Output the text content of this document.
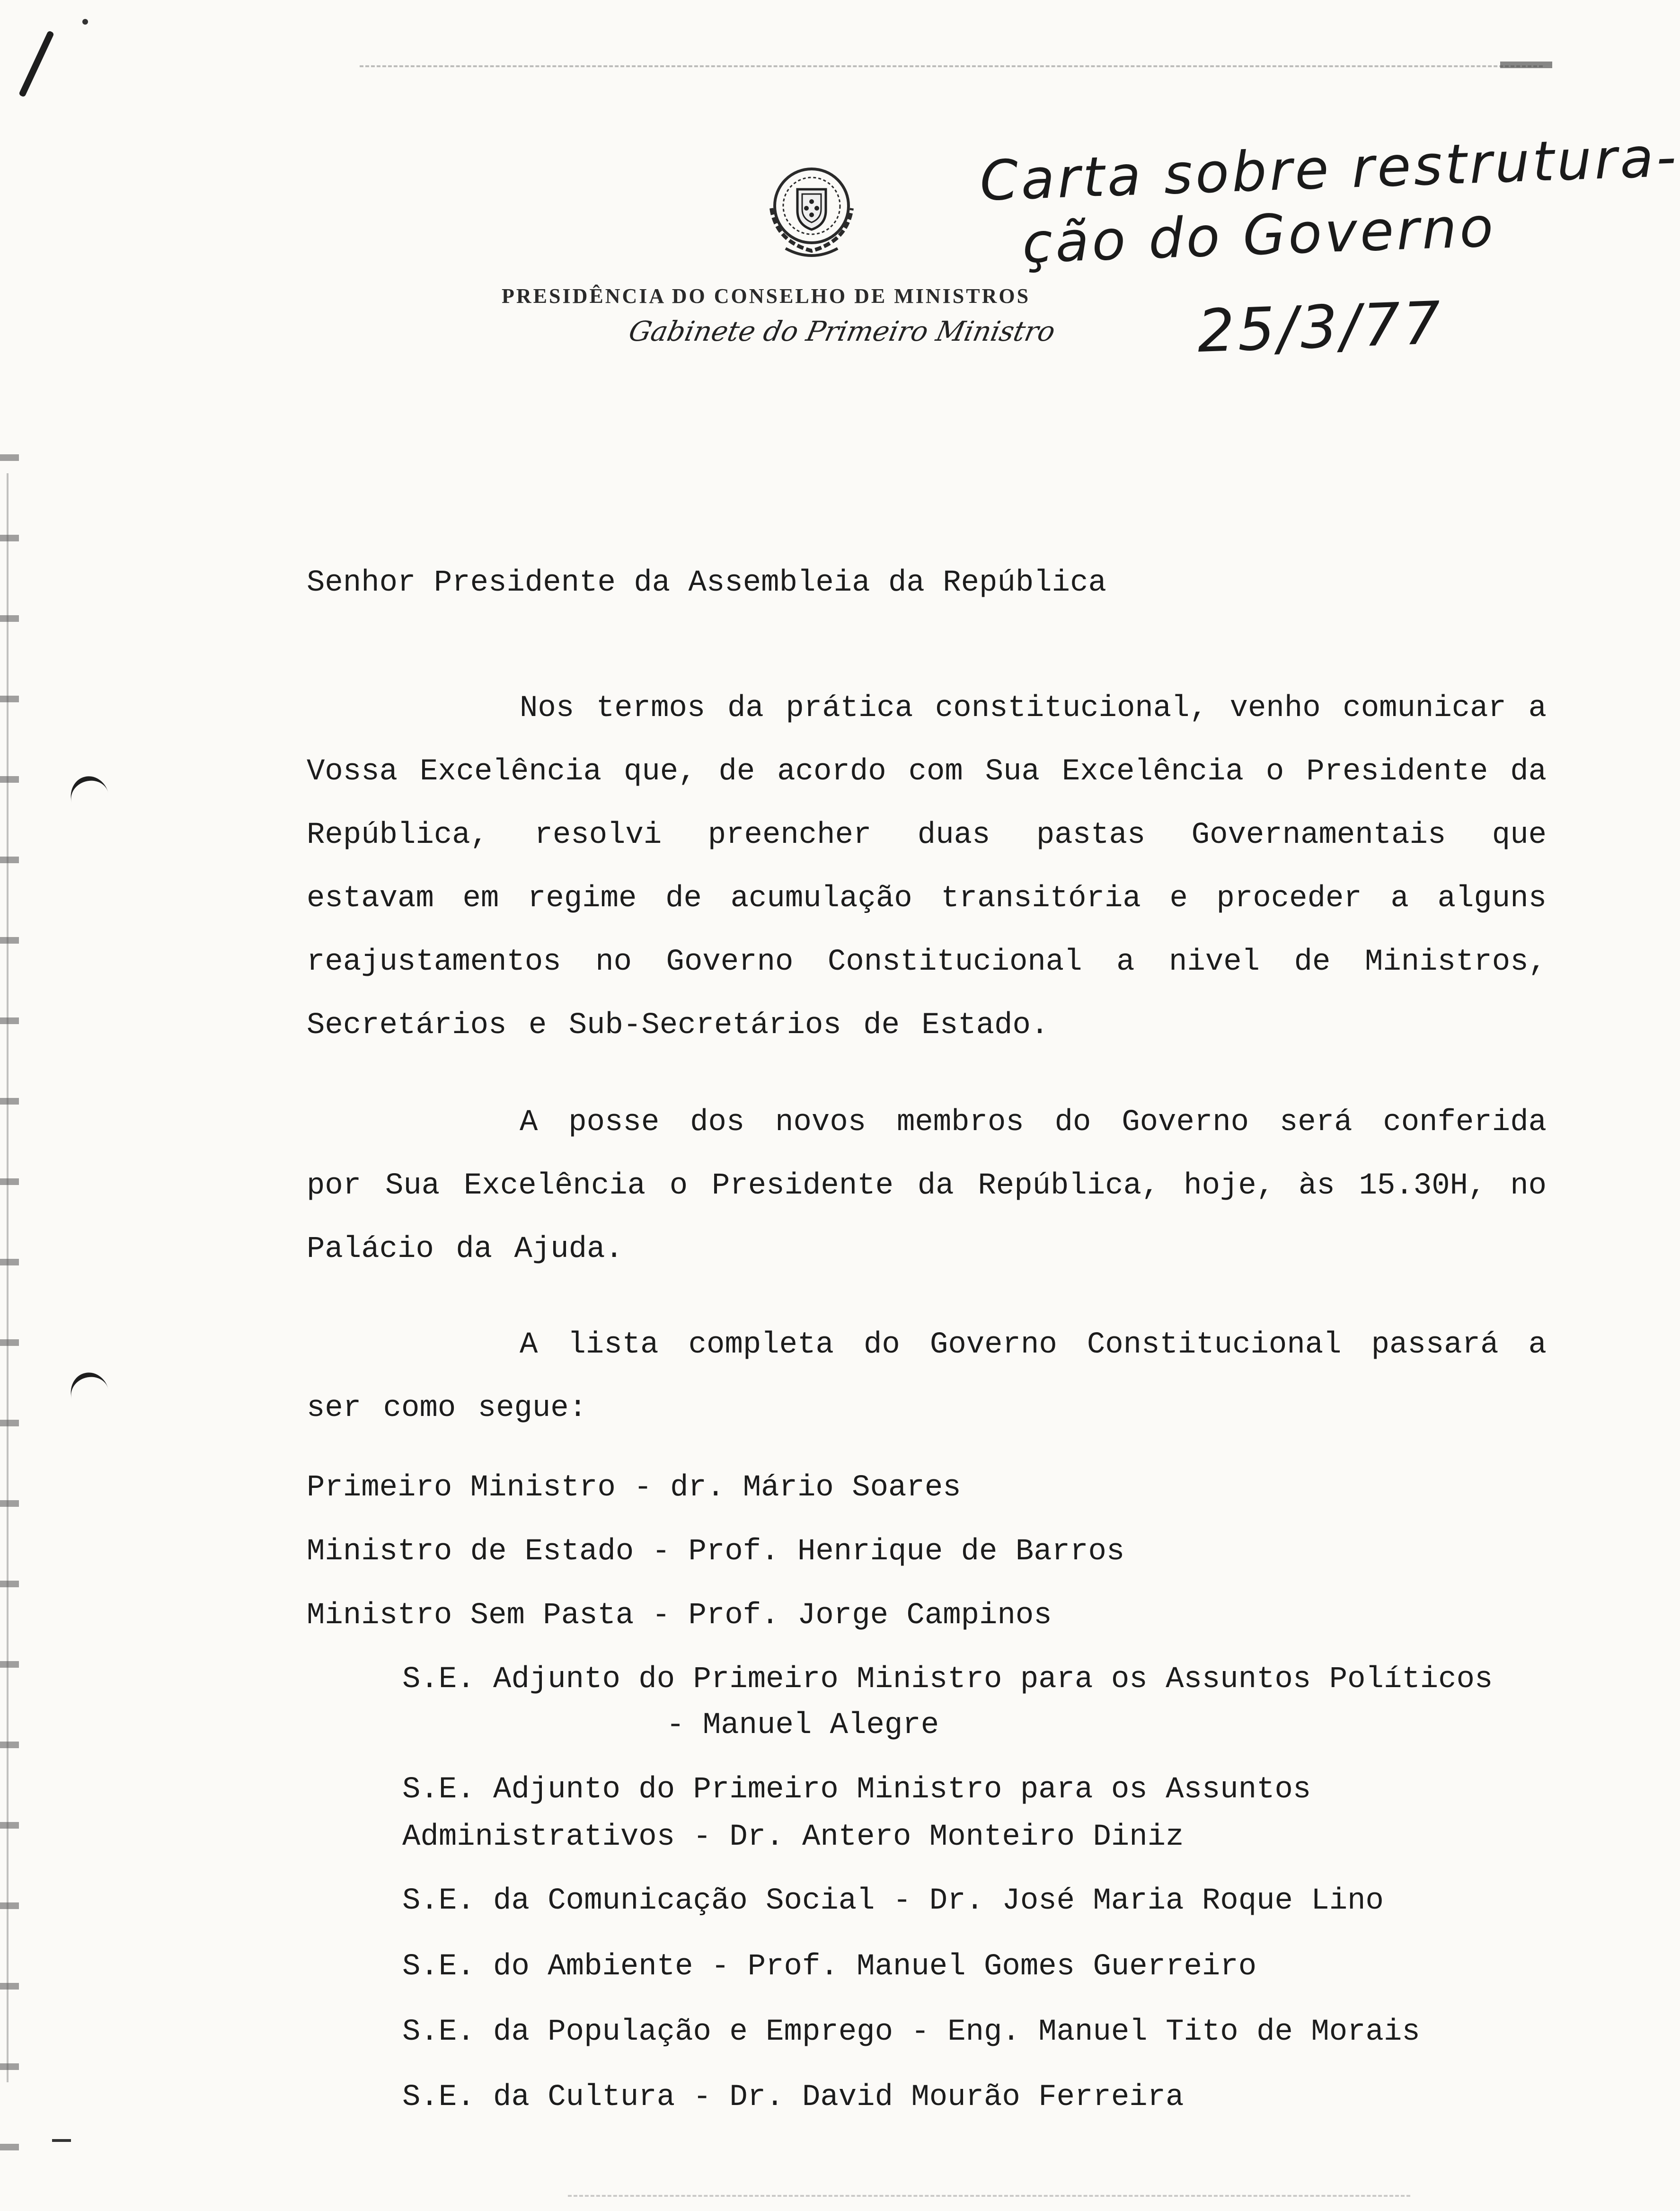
PRESIDÊNCIA DO CONSELHO DE MINISTROS
Gabinete do Primeiro Ministro
Carta sobre restrutura-
ção do Governo
25/3/77
Senhor Presidente da Assembleia da República
Nos termos da prática constitucional, venho comunicar a Vossa Excelência que, de acordo com Sua Excelência o Presidente da República, resolvi preencher duas pastas Governamentais que estavam em regime de acumulação transitória e proceder a alguns reajustamentos no Governo Constitucional a nivel de Ministros, Secretários e Sub-Secretários de Estado.
A posse dos novos membros do Governo será conferida por Sua Excelência o Presidente da República, hoje, às 15.30H, no Palácio da Ajuda.
A lista completa do Governo Constitucional passará a ser como segue:
Primeiro Ministro - dr. Mário Soares
Ministro de Estado - Prof. Henrique de Barros
Ministro Sem Pasta - Prof. Jorge Campinos
S.E. Adjunto do Primeiro Ministro para os Assuntos Políticos
- Manuel Alegre
S.E. Adjunto do Primeiro Ministro para os Assuntos
Administrativos - Dr. Antero Monteiro Diniz
S.E. da Comunicação Social - Dr. José Maria Roque Lino
S.E. do Ambiente - Prof. Manuel Gomes Guerreiro
S.E. da População e Emprego - Eng. Manuel Tito de Morais
S.E. da Cultura - Dr. David Mourão Ferreira
